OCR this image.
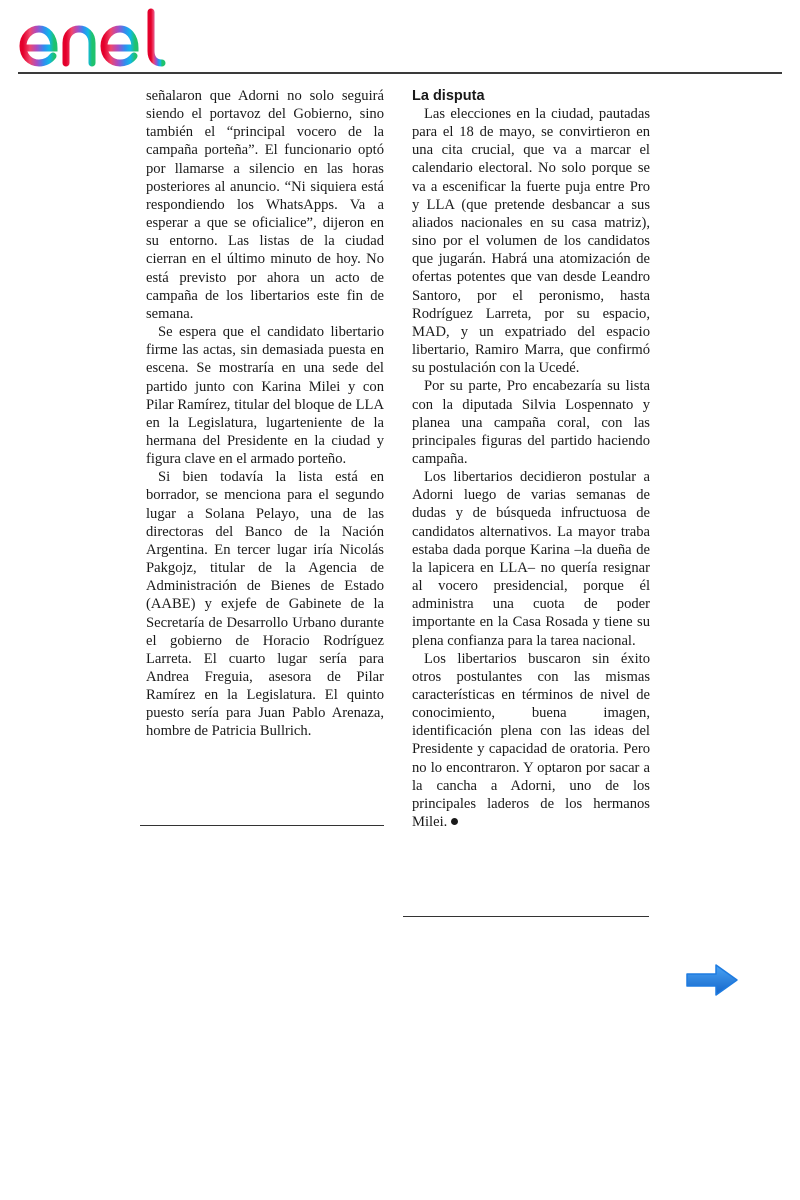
señalaron que Adorni no solo seguirá siendo el portavoz del Gobierno, sino también el “principal vocero de la campaña porteña”. El funcionario optó por llamarse a silencio en las horas posteriores al anuncio. “Ni siquiera está respondiendo los WhatsApps. Va a esperar a que se oficialice”, dijeron en su entorno. Las listas de la ciudad cierran en el último minuto de hoy. No está previsto por ahora un acto de campaña de los libertarios este fin de semana.

Se espera que el candidato libertario firme las actas, sin demasiada puesta en escena. Se mostraría en una sede del partido junto con Karina Milei y con Pilar Ramírez, titular del bloque de LLA en la Legislatura, lugarteniente de la hermana del Presidente en la ciudad y figura clave en el armado porteño.

Si bien todavía la lista está en borrador, se menciona para el segundo lugar a Solana Pelayo, una de las directoras del Banco de la Nación Argentina. En tercer lugar iría Nicolás Pakgojz, titular de la Agencia de Administración de Bienes de Estado (AABE) y exjefe de Gabinete de la Secretaría de Desarrollo Urbano durante el gobierno de Horacio Rodríguez Larreta. El cuarto lugar sería para Andrea Freguia, asesora de Pilar Ramírez en la Legislatura. El quinto puesto sería para Juan Pablo Arenaza, hombre de Patricia Bullrich.

La disputa

Las elecciones en la ciudad, pautadas para el 18 de mayo, se convirtieron en una cita crucial, que va a marcar el calendario electoral. No solo porque se va a escenificar la fuerte puja entre Pro y LLA (que pretende desbancar a sus aliados nacionales en su casa matriz), sino por el volumen de los candidatos que jugarán. Habrá una atomización de ofertas potentes que van desde Leandro Santoro, por el peronismo, hasta Rodríguez Larreta, por su espacio, MAD, y un expatriado del espacio libertario, Ramiro Marra, que confirmó su postulación con la Ucedé.

Por su parte, Pro encabezaría su lista con la diputada Silvia Lospennato y planea una campaña coral, con las principales figuras del partido haciendo campaña.

Los libertarios decidieron postular a Adorni luego de varias semanas de dudas y de búsqueda infructuosa de candidatos alternativos. La mayor traba estaba dada porque Karina –la dueña de la lapicera en LLA– no quería resignar al vocero presidencial, porque él administra una cuota de poder importante en la Casa Rosada y tiene su plena confianza para la tarea nacional.

Los libertarios buscaron sin éxito otros postulantes con las mismas características en términos de nivel de conocimiento, buena imagen, identificación plena con las ideas del Presidente y capacidad de oratoria. Pero no lo encontraron. Y optaron por sacar a la cancha a Adorni, uno de los principales laderos de los hermanos Milei.
